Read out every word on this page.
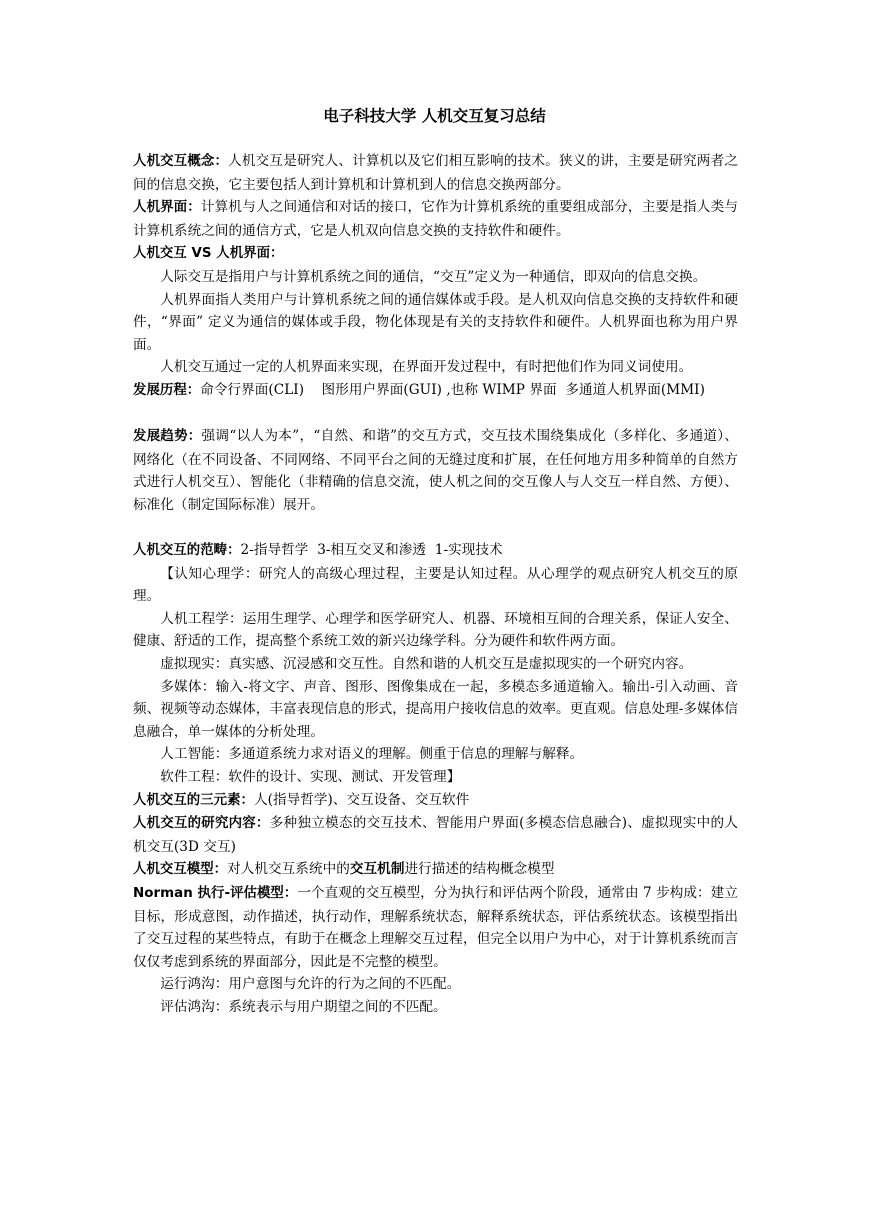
电子科技大学 人机交互复习总结

人机交互概念：人机交互是研究人、计算机以及它们相互影响的技术。狭义的讲，主要是研究两者之间的信息交换，它主要包括人到计算机和计算机到人的信息交换两部分。

人机界面：计算机与人之间通信和对话的接口，它作为计算机系统的重要组成部分，主要是指人类与计算机系统之间的通信方式，它是人机双向信息交换的支持软件和硬件。

人机交互 VS 人机界面：

人际交互是指用户与计算机系统之间的通信，“交互”定义为一种通信，即双向的信息交换。

人机界面指人类用户与计算机系统之间的通信媒体或手段。是人机双向信息交换的支持软件和硬件，“界面” 定义为通信的媒体或手段，物化体现是有关的支持软件和硬件。人机界面也称为用户界面。

人机交互通过一定的人机界面来实现，在界面开发过程中，有时把他们作为同义词使用。

发展历程：命令行界面(CLI)    图形用户界面(GUI) ,也称 WIMP 界面  多通道人机界面(MMI)

发展趋势：强调“以人为本”，“自然、和谐”的交互方式，交互技术围绕集成化（多样化、多通道）、网络化（在不同设备、不同网络、不同平台之间的无缝过度和扩展，在任何地方用多种简单的自然方式进行人机交互）、智能化（非精确的信息交流，使人机之间的交互像人与人交互一样自然、方便）、标准化（制定国际标准）展开。

人机交互的范畴：2-指导哲学  3-相互交叉和渗透  1-实现技术

【认知心理学：研究人的高级心理过程，主要是认知过程。从心理学的观点研究人机交互的原理。

人机工程学：运用生理学、心理学和医学研究人、机器、环境相互间的合理关系，保证人安全、健康、舒适的工作，提高整个系统工效的新兴边缘学科。分为硬件和软件两方面。

虚拟现实：真实感、沉浸感和交互性。自然和谐的人机交互是虚拟现实的一个研究内容。

多媒体：输入-将文字、声音、图形、图像集成在一起，多模态多通道输入。输出-引入动画、音频、视频等动态媒体，丰富表现信息的形式，提高用户接收信息的效率。更直观。信息处理-多媒体信息融合，单一媒体的分析处理。

人工智能：多通道系统力求对语义的理解。侧重于信息的理解与解释。

软件工程：软件的设计、实现、测试、开发管理】

人机交互的三元素：人(指导哲学)、交互设备、交互软件

人机交互的研究内容：多种独立模态的交互技术、智能用户界面(多模态信息融合)、虚拟现实中的人机交互(3D 交互)

人机交互模型：对人机交互系统中的交互机制进行描述的结构概念模型

Norman 执行-评估模型：一个直观的交互模型，分为执行和评估两个阶段，通常由 7 步构成：建立目标，形成意图，动作描述，执行动作，理解系统状态，解释系统状态，评估系统状态。该模型指出了交互过程的某些特点，有助于在概念上理解交互过程，但完全以用户为中心，对于计算机系统而言仅仅考虑到系统的界面部分，因此是不完整的模型。

运行鸿沟：用户意图与允许的行为之间的不匹配。

评估鸿沟：系统表示与用户期望之间的不匹配。
